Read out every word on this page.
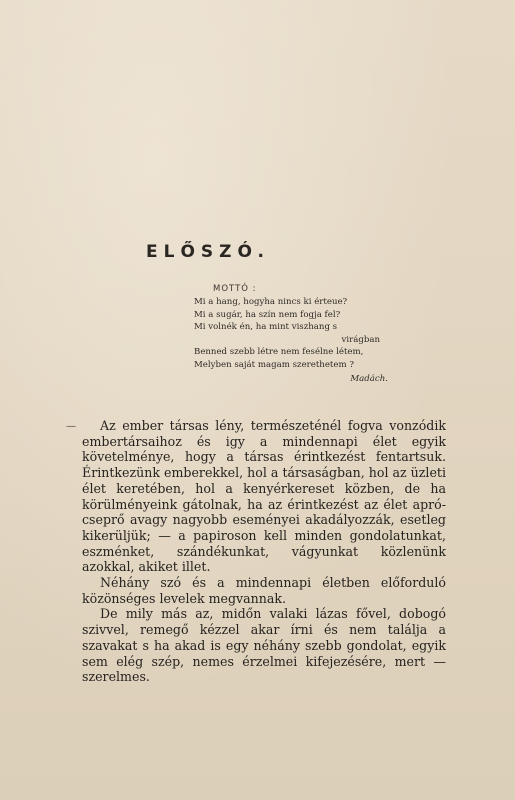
ELŐSZÓ.
MOTTÓ :
Mi a hang, hogyha nincs ki érteue?
Mi a sugár, ha szín nem fogja fel?
Mi volnék én, ha mint viszhang s
virágban
Benned szebb létre nem fesélne létem,
Melyben saját magam szerethetem ?
Madách.
—	Az ember társas lény, természeténél fogva vonzódik embertársaihoz és igy a mindennapi élet egyik követelménye, hogy a társas érintkezést fentartsuk. Érintkezünk emberekkel, hol a társaságban, hol az üzleti élet keretében, hol a kenyérkereset közben, de ha körülményeink gátolnak, ha az érintkezést az élet apró-cseprő avagy nagyobb eseményei akadályozzák, esetleg kikerüljük; — a papiroson kell minden gondolatunkat, eszménket, szándékunkat, vágyunkat közlenünk azokkal, akiket illet.

Néhány szó és a mindennapi életben előforduló közönséges levelek megvannak.

De mily más az, midőn valaki lázas fővel, dobogó szivvel, remegő kézzel akar írni és nem találja a szavakat s ha akad is egy néhány szebb gondolat, egyik sem elég szép, nemes érzelmei kifejezésére, mert — szerelmes.
